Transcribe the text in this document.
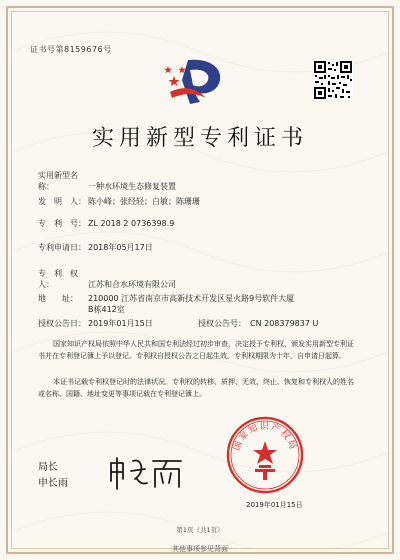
证书号第8159676号
实用新型专利证书
实用新型名称：	一种水环境生态修复装置
发　明　人： 陈小峰；张经轻；白敏；陈珊珊
专　利　号： ZL 2018 2 0736398.9
专利申请日： 2018年05月17日
专　利　权　人：	江苏和合水环境有限公司
地　　址： 210000 江苏省南京市高新技术开发区星火路9号软件大厦
B栋412室
授权公告日： 2019年01月15日	授权公告号： CN 208379837 U
国家知识产权局依照中华人民共和国专利法经过初步审查，决定授予专利权，颁发实用新型专利证书并在专利登记簿上予以登记。专利权自授权公告之日起生效。专利权期限为十年，自申请日起算。
本证书记载专利权登记时的法律状况。专利权的转移、质押、无效、终止、恢复和专利权人的姓名或名称、国籍、地址变更等事项记载在专利登记簿上。
局长
申长雨
国家知识产权局
2019年01月15日
第1页（共1页）
其他事项参见背面
